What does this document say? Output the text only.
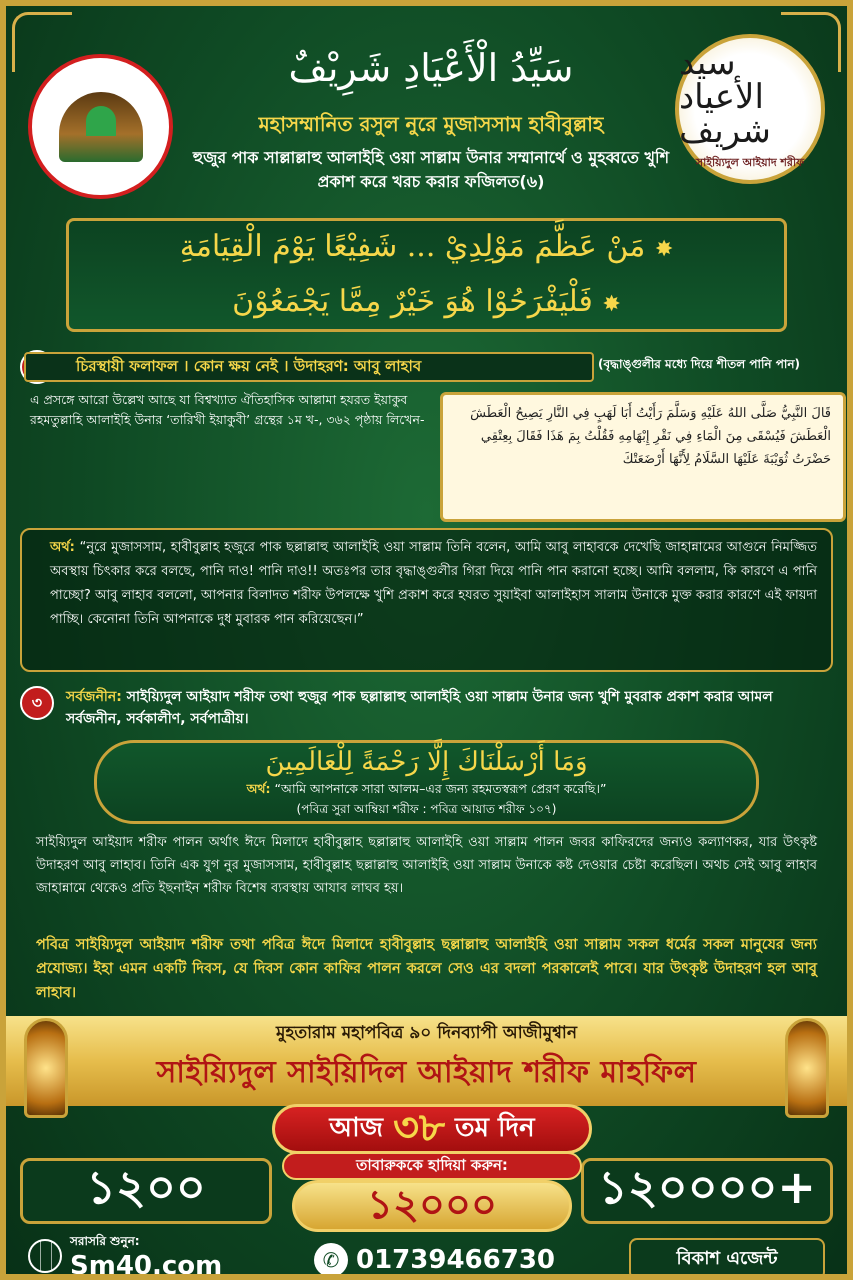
سيد الأعياد شريف
সাইয়্যিদুল আইয়াদ শরীফ
سَيِّدُ الْأَعْيَادِ شَرِيْفٌ
মহাসম্মানিত রসুল নুরে মুজাসসাম হাবীবুল্লাহ
হুজুর পাক সাল্লাল্লাহু আলাইহি ওয়া সাল্লাম উনার সম্মানার্থে ও মুহব্বতে খুশি প্রকাশ করে খরচ করার ফজিলত(৬)
✸ مَنْ عَظَّمَ مَوْلِدِيْ ... شَفِيْعًا يَوْمَ الْقِيَامَةِ
✸ فَلْيَفْرَحُوْا هُوَ خَيْرٌ مِمَّا يَجْمَعُوْنَ
চিরস্থায়ী ফলাফল । কোন ক্ষয় নেই । উদাহরণ: আবু লাহাব	(বৃদ্ধাঙ্গুলীর মধ্যে দিয়ে শীতল পানি পান)
এ প্রসঙ্গে আরো উল্লেখ আছে যা বিশ্বখ্যাত ঐতিহাসিক আল্লামা হযরত ইয়াকুব রহমতুল্লাহি আলাইহি উনার ‘তারিখী ইয়াকুবী’ গ্রন্থের ১ম খ-, ৩৬২ পৃষ্ঠায় লিখেন-	قَالَ النَّبِيُّ صَلَّى اللهُ عَلَيْهِ وَسَلَّمَ رَأَيْتُ أَبَا لَهَبٍ فِي النَّارِ يَصِيحُ الْعَطَشَ الْعَطَشَ فَيُسْقَى مِنَ الْمَاءِ فِي نَقْرِ إِبْهَامِهِ فَقُلْتُ بِمَ هَذَا فَقَالَ بِعِتْقِي حَضْرَتُ ثُوَيْبَةَ عَلَيْهَا السَّلَامُ لِأَنَّهَا أَرْضَعَتْكَ
অর্থ: “নুরে মুজাসসাম, হাবীবুল্লাহ হজুরে পাক ছল্লাল্লাহু আলাইহি ওয়া সাল্লাম তিনি বলেন, আমি আবু লাহাবকে দেখেছি জাহান্নামের আগুনে নিমজ্জিত অবস্থায় চিৎকার করে বলছে, পানি দাও! পানি দাও!! অতঃপর তার বৃদ্ধাঙ্গুলীর গিরা দিয়ে পানি পান করানো হচ্ছে। আমি বললাম, কি কারণে এ পানি পাচ্ছো? আবু লাহাব বললো, আপনার বিলাদত শরীফ উপলক্ষে খুশি প্রকাশ করে হযরত সুয়াইবা আলাইহাস সালাম উনাকে মুক্ত করার কারণে এই ফায়দা পাচ্ছি। কেনোনা তিনি আপনাকে দুধ মুবারক পান করিয়েছেন।”
৩	সর্বজনীন: সাইয়্যিদুল আইয়াদ শরীফ তথা হুজুর পাক ছল্লাল্লাহু আলাইহি ওয়া সাল্লাম উনার জন্য খুশি মুবরাক প্রকাশ করার আমল সর্বজনীন, সর্বকালীণ, সর্বপাত্রীয়।
وَمَا أَرْسَلْنَاكَ إِلَّا رَحْمَةً لِلْعَالَمِينَ
অর্থ: “আমি আপনাকে সারা আলম–এর জন্য রহমতস্বরূপ প্রেরণ করেছি।”
(পবিত্র সুরা আম্বিয়া শরীফ : পবিত্র আয়াত শরীফ ১০৭)
সাইয়্যিদুল আইয়াদ শরীফ পালন অর্থাৎ ঈদে মিলাদে হাবীবুল্লাহ ছল্লাল্লাহু আলাইহি ওয়া সাল্লাম পালন জবর কাফিরদের জন্যও কল্যাণকর, যার উৎকৃষ্ট উদাহরণ আবু লাহাব। তিনি এক যুগ নুর মুজাসসাম, হাবীবুল্লাহ ছল্লাল্লাহু আলাইহি ওয়া সাল্লাম উনাকে কষ্ট দেওয়ার চেষ্টা করেছিল। অথচ সেই আবু লাহাব জাহান্নামে থেকেও প্রতি ইছনাইন শরীফ বিশেষ ব্যবস্থায় আযাব লাঘব হয়।
পবিত্র সাইয়্যিদুল আইয়াদ শরীফ তথা পবিত্র ঈদে মিলাদে হাবীবুল্লাহ ছল্লাল্লাহু আলাইহি ওয়া সাল্লাম সকল ধর্মের সকল মানুযের জন্য প্রযোজ্য। ইহা এমন একটি দিবস, যে দিবস কোন কাফির পালন করলে সেও এর বদলা পরকালেই পাবে। যার উৎকৃষ্ট উদাহরণ হল আবু লাহাব।
মুহতারাম মহাপবিত্র ৯০ দিনব্যাপী আজীমুশ্বান
সাইয়্যিদুল সাইয়িদিল আইয়াদ শরীফ মাহফিল
আজ ৩৮ তম দিন
১২০০	১২০০০০+
তাবারুককে হাদিয়া করুন:
১২০০০
সরাসরি শুনুন:
Sm40.com	✆ 01739466730	বিকাশ এজেন্ট
